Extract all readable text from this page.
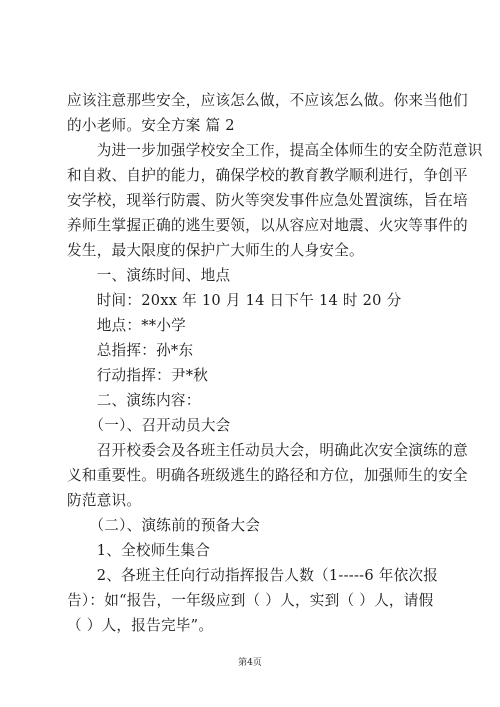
应该注意那些安全，应该怎么做，不应该怎么做。你来当他们
的小老师。安全方案 篇 2
　　为进一步加强学校安全工作，提高全体师生的安全防范意识
和自救、自护的能力，确保学校的教育教学顺利进行，争创平
安学校，现举行防震、防火等突发事件应急处置演练，旨在培
养师生掌握正确的逃生要领，以从容应对地震、火灾等事件的
发生，最大限度的保护广大师生的人身安全。
　　一、演练时间、地点
　　时间：20xx 年 10 月 14 日下午 14 时 20 分
　　地点：**小学
　　总指挥：孙*东
　　行动指挥：尹*秋
　　二、演练内容：
　　（一）、召开动员大会
　　召开校委会及各班主任动员大会，明确此次安全演练的意
义和重要性。明确各班级逃生的路径和方位，加强师生的安全
防范意识。
　　（二）、演练前的预备大会
　　1、全校师生集合
　　2、各班主任向行动指挥报告人数（1-----6 年依次报
告）：如“报告，一年级应到（ ）人，实到（ ）人，请假
（ ）人，报告完毕”。
第4页
